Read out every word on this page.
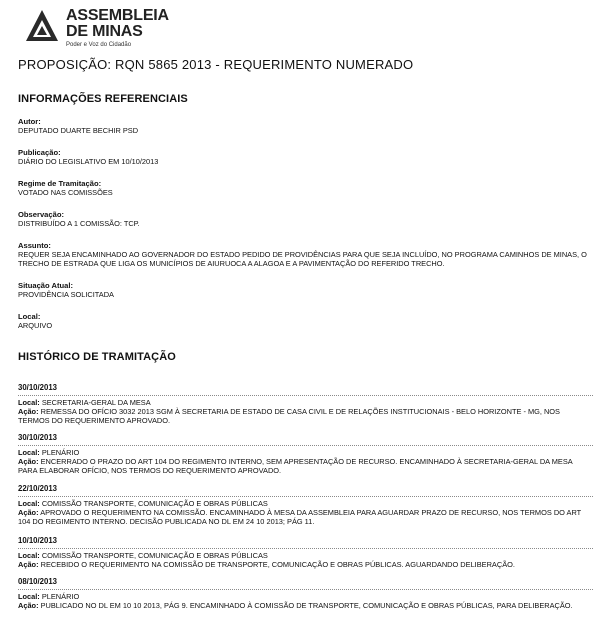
ASSEMBLEIA
DE MINAS
Poder e Voz do Cidadão
PROPOSIÇÃO: RQN 5865 2013 - REQUERIMENTO NUMERADO
INFORMAÇÕES REFERENCIAIS
Autor:
DEPUTADO DUARTE BECHIR PSD
Publicação:
DIÁRIO DO LEGISLATIVO EM 10/10/2013
Regime de Tramitação:
VOTADO NAS COMISSÕES
Observação:
DISTRIBUÍDO A 1 COMISSÃO: TCP.
Assunto:
REQUER SEJA ENCAMINHADO AO GOVERNADOR DO ESTADO PEDIDO DE PROVIDÊNCIAS PARA QUE SEJA INCLUÍDO, NO PROGRAMA CAMINHOS DE MINAS, O TRECHO DE ESTRADA QUE LIGA OS MUNICÍPIOS DE AIURUOCA A ALAGOA E A PAVIMENTAÇÃO DO REFERIDO TRECHO.
Situação Atual:
PROVIDÊNCIA SOLICITADA
Local:
ARQUIVO
HISTÓRICO DE TRAMITAÇÃO
30/10/2013
Local: SECRETARIA-GERAL DA MESA
Ação: REMESSA DO OFÍCIO 3032 2013 SGM À SECRETARIA DE ESTADO DE CASA CIVIL E DE RELAÇÕES INSTITUCIONAIS - BELO HORIZONTE - MG, NOS TERMOS DO REQUERIMENTO APROVADO.
30/10/2013
Local: PLENÁRIO
Ação: ENCERRADO O PRAZO DO ART 104 DO REGIMENTO INTERNO, SEM APRESENTAÇÃO DE RECURSO. ENCAMINHADO À SECRETARIA-GERAL DA MESA PARA ELABORAR OFÍCIO, NOS TERMOS DO REQUERIMENTO APROVADO.
22/10/2013
Local: COMISSÃO TRANSPORTE, COMUNICAÇÃO E OBRAS PÚBLICAS
Ação: APROVADO O REQUERIMENTO NA COMISSÃO. ENCAMINHADO À MESA DA ASSEMBLEIA PARA AGUARDAR PRAZO DE RECURSO, NOS TERMOS DO ART 104 DO REGIMENTO INTERNO. DECISÃO PUBLICADA NO DL EM 24 10 2013; PÁG 11.
10/10/2013
Local: COMISSÃO TRANSPORTE, COMUNICAÇÃO E OBRAS PÚBLICAS
Ação: RECEBIDO O REQUERIMENTO NA COMISSÃO DE TRANSPORTE, COMUNICAÇÃO E OBRAS PÚBLICAS. AGUARDANDO DELIBERAÇÃO.
08/10/2013
Local: PLENÁRIO
Ação: PUBLICADO NO DL EM 10 10 2013, PÁG 9. ENCAMINHADO À COMISSÃO DE TRANSPORTE, COMUNICAÇÃO E OBRAS PÚBLICAS, PARA DELIBERAÇÃO.
